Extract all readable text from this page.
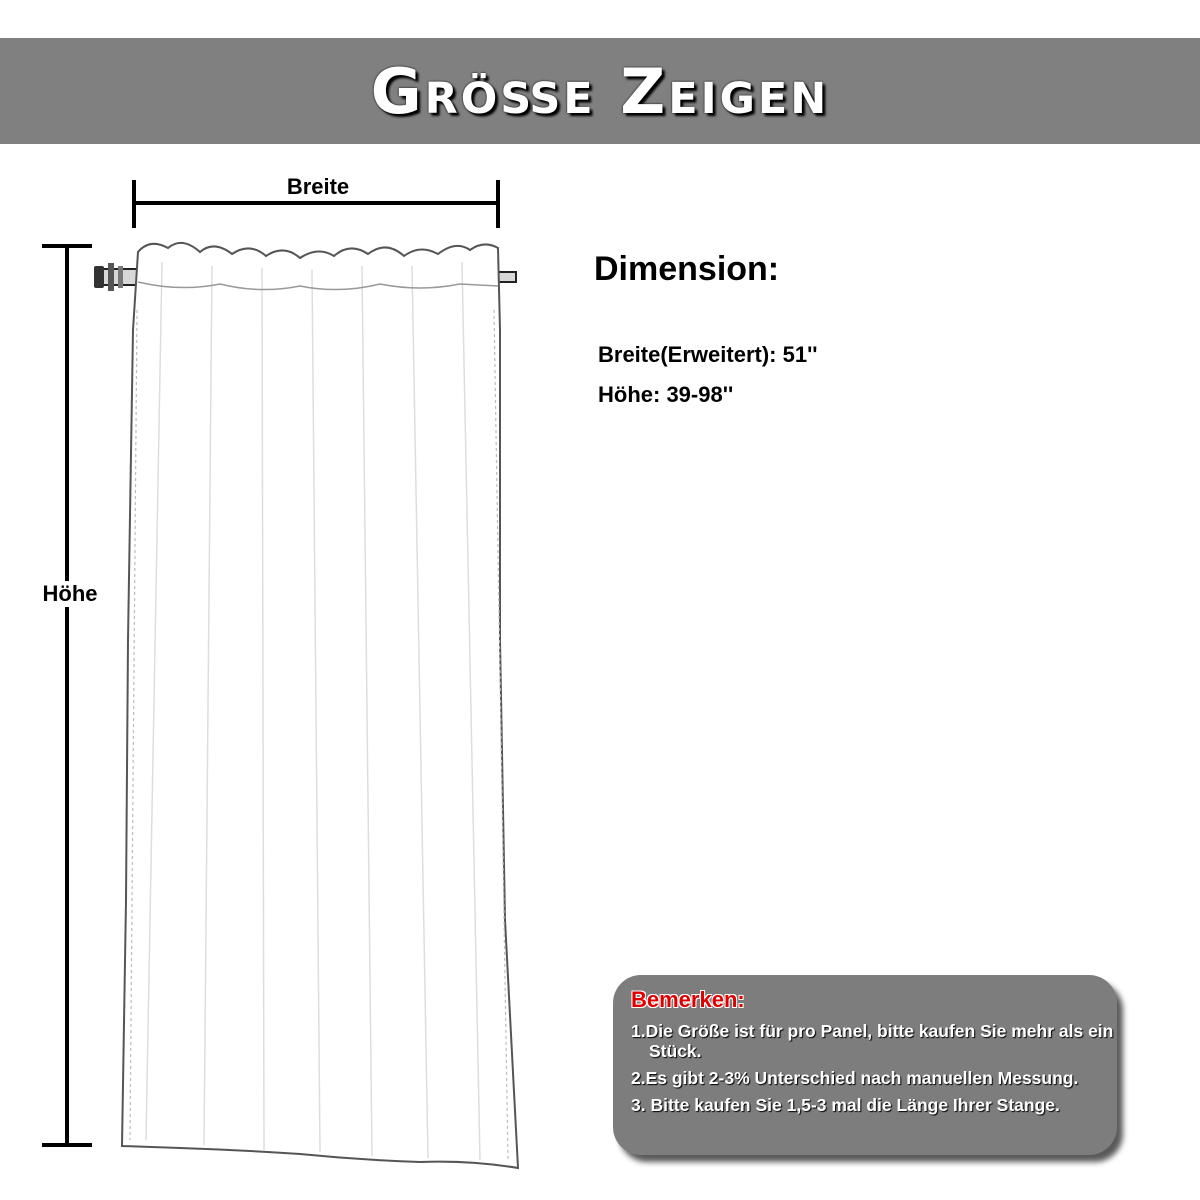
Größe Zeigen
Breite
Höhe
Dimension:
Breite(Erweitert): 51''
Höhe: 39-98''
Bemerken:
1.Die Größe ist für pro Panel, bitte kaufen Sie mehr als ein Stück.
2.Es gibt 2-3% Unterschied nach manuellen Messung.
3. Bitte kaufen Sie 1,5-3 mal die Länge Ihrer Stange.
